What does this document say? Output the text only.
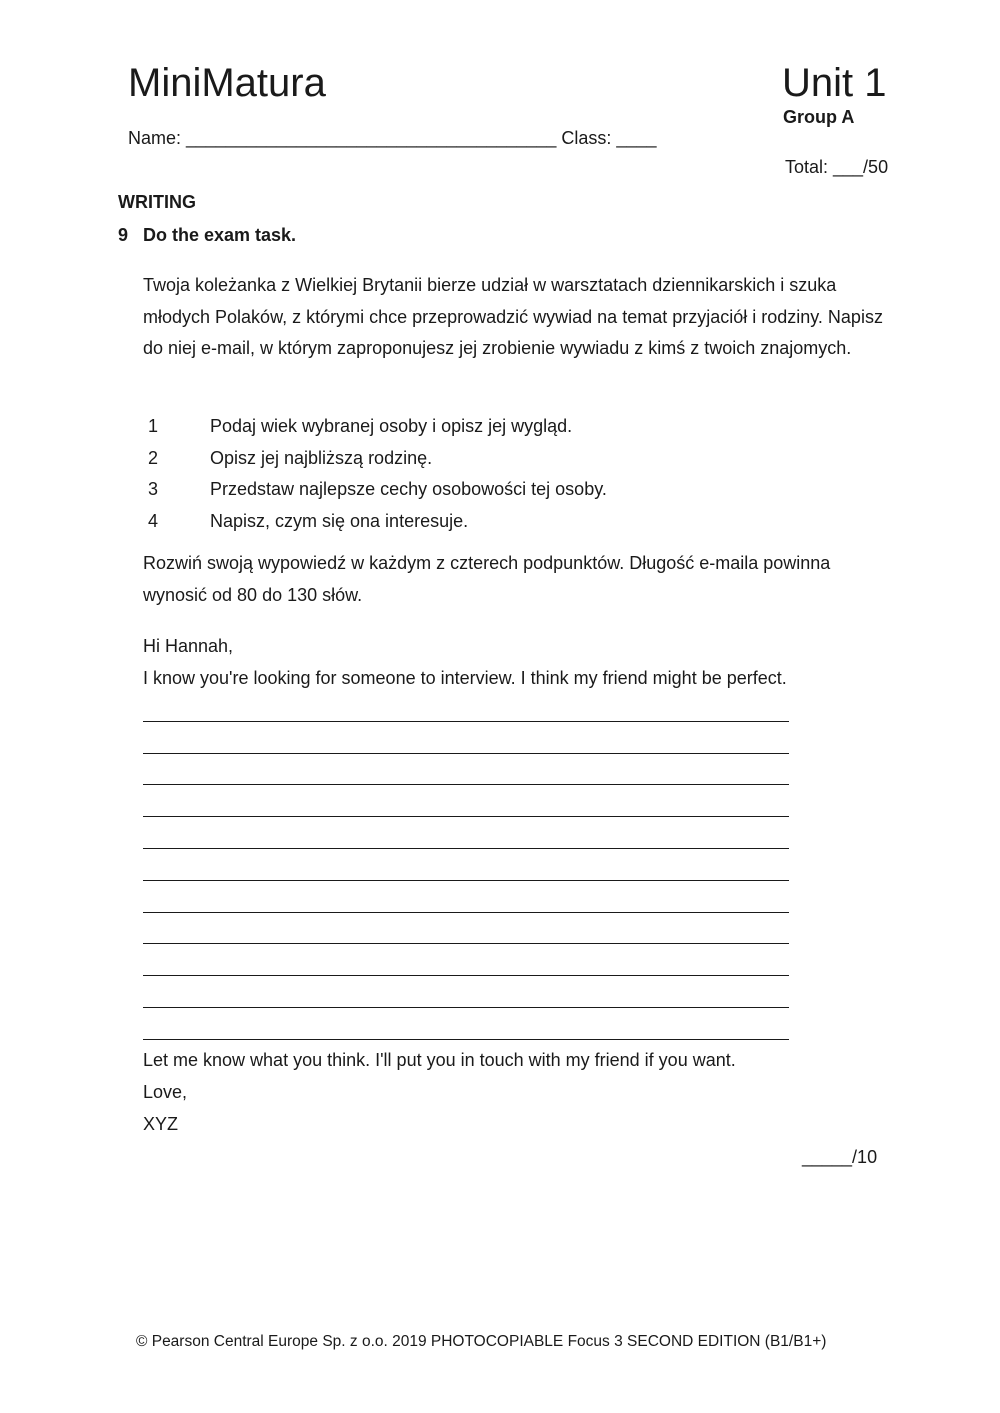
MiniMatura	Unit 1
Group A
Name: _____________________________________ Class: ____
Total: ___/50
WRITING
9 Do the exam task.
Twoja koleżanka z Wielkiej Brytanii bierze udział w warsztatach dziennikarskich i szuka młodych Polaków, z którymi chce przeprowadzić wywiad na temat przyjaciół i rodziny. Napisz do niej e-mail, w którym zaproponujesz jej zrobienie wywiadu z kimś z twoich znajomych.
1	Podaj wiek wybranej osoby i opisz jej wygląd.
2	Opisz jej najbliższą rodzinę.
3	Przedstaw najlepsze cechy osobowości tej osoby.
4	Napisz, czym się ona interesuje.
Rozwiń swoją wypowiedź w każdym z czterech podpunktów. Długość e-maila powinna wynosić od 80 do 130 słów.
Hi Hannah,
I know you're looking for someone to interview. I think my friend might be perfect.
Let me know what you think. I'll put you in touch with my friend if you want.
Love,
XYZ
_____/10
© Pearson Central Europe Sp. z o.o. 2019 PHOTOCOPIABLE Focus 3 SECOND EDITION (B1/B1+)
